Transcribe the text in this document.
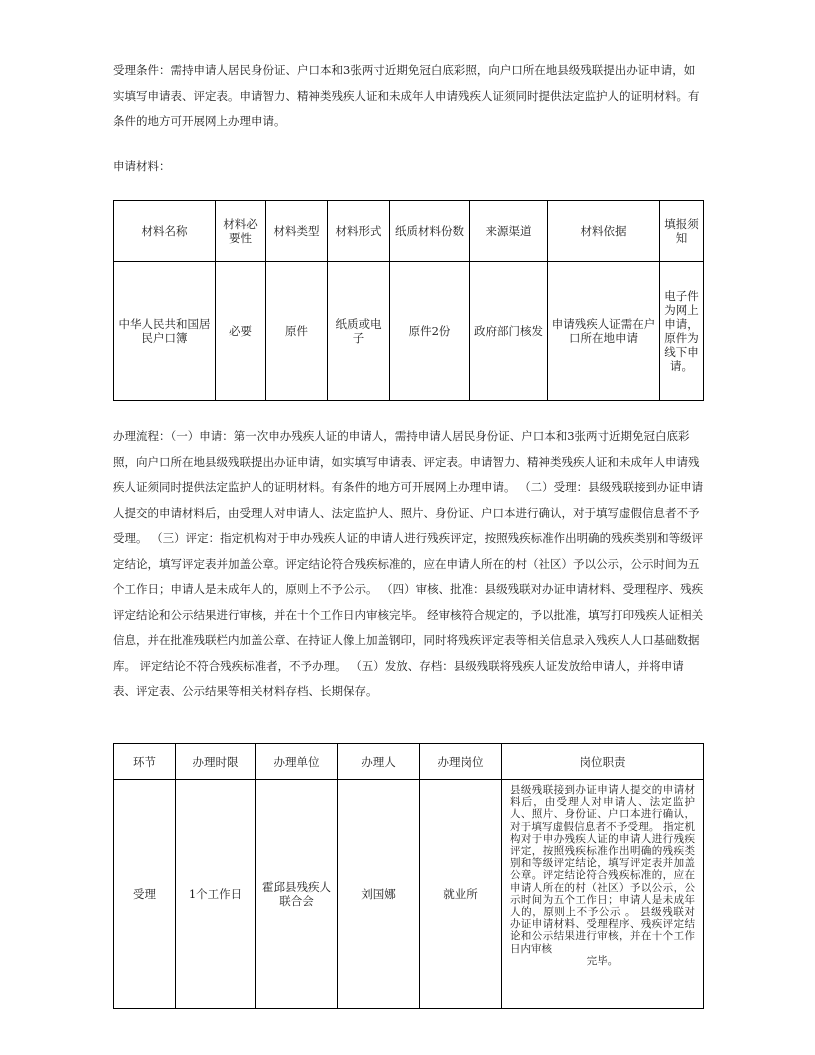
受理条件：需持申请人居民身份证、户口本和3张两寸近期免冠白底彩照，向户口所在地县级残联提出办证申请，如实填写申请表、评定表。申请智力、精神类残疾人证和未成年人申请残疾人证须同时提供法定监护人的证明材料。有条件的地方可开展网上办理申请。

申请材料：

材料名称	材料必要性	材料类型	材料形式	纸质材料份数	来源渠道	材料依据	填报须知
中华人民共和国居民户口簿	必要	原件	纸质或电子	原件2份	政府部门核发	申请残疾人证需在户口所在地申请	电子件为网上申请，原件为线下申请。

办理流程：（一）申请：第一次申办残疾人证的申请人，需持申请人居民身份证、户口本和3张两寸近期免冠白底彩照，向户口所在地县级残联提出办证申请，如实填写申请表、评定表。申请智力、精神类残疾人证和未成年人申请残疾人证须同时提供法定监护人的证明材料。有条件的地方可开展网上办理申请。 （二）受理：县级残联接到办证申请人提交的申请材料后，由受理人对申请人、法定监护人、照片、身份证、户口本进行确认，对于填写虚假信息者不予受理。 （三）评定：指定机构对于申办残疾人证的申请人进行残疾评定，按照残疾标准作出明确的残疾类别和等级评定结论，填写评定表并加盖公章。评定结论符合残疾标准的，应在申请人所在的村（社区）予以公示，公示时间为五个工作日；申请人是未成年人的，原则上不予公示。 （四）审核、批准：县级残联对办证申请材料、受理程序、残疾评定结论和公示结果进行审核，并在十个工作日内审核完毕。 经审核符合规定的，予以批准，填写打印残疾人证相关信息，并在批准残联栏内加盖公章、在持证人像上加盖钢印，同时将残疾评定表等相关信息录入残疾人人口基础数据库。 评定结论不符合残疾标准者，不予办理。 （五）发放、存档：县级残联将残疾人证发放给申请人，并将申请表、评定表、公示结果等相关材料存档、长期保存。

环节	办理时限	办理单位	办理人	办理岗位	岗位职责
受理	1个工作日	霍邱县残疾人联合会	刘国娜	就业所	县级残联接到办证申请人提交的申请材料后，由受理人对申请人、法定监护人、照片、身份证、户口本进行确认，对于填写虚假信息者不予受理。 指定机构对于申办残疾人证的申请人进行残疾评定，按照残疾标准作出明确的残疾类别和等级评定结论，填写评定表并加盖公章。评定结论符合残疾标准的，应在申请人所在的村（社区）予以公示，公示时间为五个工作日；申请人是未成年人的，原则上不予公示 。 县级残联对办证申请材料、受理程序、残疾评定结论和公示结果进行审核，并在十个工作日内审核
完毕。
